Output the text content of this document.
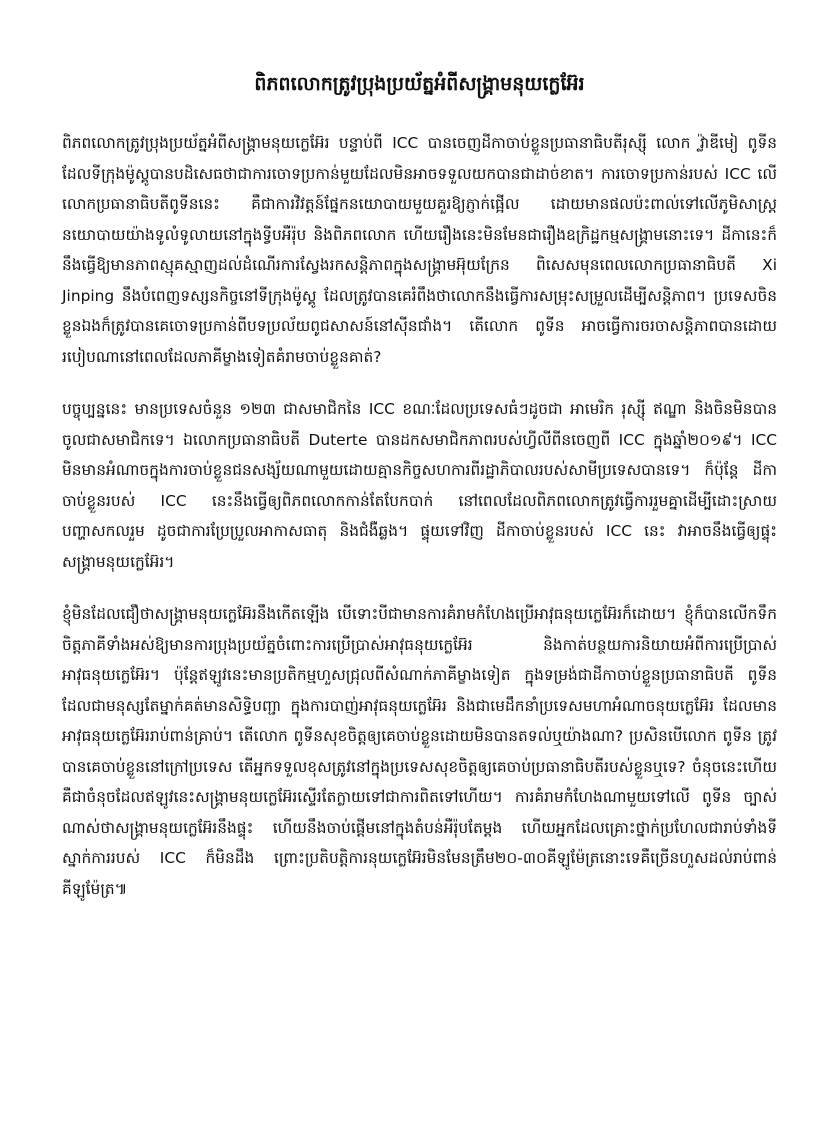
ពិភពលោកត្រូវប្រុងប្រយ័ត្នអំពីសង្គ្រាមនុយក្លេអ៊ែរ

ពិភពលោកត្រូវប្រុងប្រយ័ត្នអំពីសង្គ្រាមនុយក្លេអ៊ែរ បន្ទាប់ពី ICC បានចេញដីកាចាប់ខ្លួនប្រធានាធិបតីរុស្ស៊ី លោក វ្ល៉ាឌីមៀ ពូទីន ដែលទីក្រុងម៉ូស្គូបានបដិសេធថាជាការចោទប្រកាន់មួយដែលមិនអាចទទួលយកបានជាដាច់ខាត។ ការចោទប្រកាន់របស់ ICC លើលោកប្រធានាធិបតីពូទីននេះ គឺជាការវិវត្តន៍ផ្នែកនយោបាយមួយគួរឱ្យភ្ញាក់ផ្អើល ដោយមានផលប៉ះពាល់ទៅលើភូមិសាស្ត្រនយោបាយយ៉ាងទូលំទូលាយនៅក្នុងទ្វីបអឺរ៉ុប និងពិភពលោក ហើយរឿងនេះមិនមែនជារឿងឧក្រិដ្ឋកម្មសង្គ្រាមនោះទេ។ ដីកានេះក៏នឹងធ្វើឱ្យមានភាពស្មុគស្មាញដល់ដំណើរការស្វែងរកសន្តិភាពក្នុងសង្គ្រាមអ៊ុយក្រែន ពិសេសមុនពេលលោកប្រធានាធិបតី Xi Jinping នឹងបំពេញទស្សនកិច្ចនៅទីក្រុងម៉ូស្គូ ដែលត្រូវបានគេរំពឹងថាលោកនឹងធ្វើការសម្រុះសម្រួលដើម្បីសន្តិភាព។ ប្រទេសចិនខ្លួនឯងក៏ត្រូវបានគេចោទប្រកាន់ពីបទប្រល័យពូជសាសន៍នៅស៊ីនជាំង។ តើលោក ពូទីន អាចធ្វើការចរចាសន្តិភាពបានដោយរបៀបណានៅពេលដែលភាគីម្ខាងទៀតគំរាមចាប់ខ្លួនគាត់?

បច្ចុប្បន្ននេះ មានប្រទេសចំនួន ១២៣ ជាសមាជិកនៃ ICC ខណៈដែលប្រទេសធំៗដូចជា អាមេរិក រុស្ស៊ី ឥណ្ឌា និងចិនមិនបានចូលជាសមាជិកទេ។ ឯលោកប្រធានាធិបតី Duterte បានដកសមាជិកភាពរបស់ហ្វីលីពីនចេញពី ICC ក្នុងឆ្នាំ២០១៩។ ICC មិនមានអំណាចក្នុងការចាប់ខ្លួនជនសង្ស័យណាមួយដោយគ្មានកិច្ចសហការពីរដ្ឋាភិបាលរបស់សាមីប្រទេសបានទេ។ ក៏ប៉ុន្តែ ដីកាចាប់ខ្លួនរបស់ ICC នេះនឹងធ្វើឲ្យពិភពលោកកាន់តែបែកបាក់ នៅពេលដែលពិភពលោកត្រូវធ្វើការរួមគ្នាដើម្បីដោះស្រាយបញ្ហាសកលរួម ដូចជាការប្រែប្រួលអាកាសធាតុ និងជំងឺឆ្លង។ ផ្ទុយទៅវិញ ដីកាចាប់ខ្លួនរបស់ ICC នេះ វាអាចនឹងធ្វើឲ្យផ្ទុះសង្គ្រាមនុយក្លេអ៊ែរ។

ខ្ញុំមិនដែលជឿថាសង្គ្រាមនុយក្លេអ៊ែរនឹងកើតឡើង បើទោះបីជាមានការគំរាមកំហែងប្រើអាវុធនុយក្លេអ៊ែរក៏ដោយ។ ខ្ញុំក៏បានលើកទឹកចិត្តភាគីទាំងអស់ឱ្យមានការប្រុងប្រយ័ត្នចំពោះការប្រើប្រាស់អាវុធនុយក្លេអ៊ែរ និងកាត់បន្ថយការនិយាយអំពីការប្រើប្រាស់អាវុធនុយក្លេអ៊ែរ។ ប៉ុន្តែឥឡូវនេះមានប្រតិកម្មហួសជ្រុលពីសំណាក់ភាគីម្ខាងទៀត ក្នុងទម្រង់ជាដីកាចាប់ខ្លួនប្រធានាធិបតី ពូទីន ដែលជាមនុស្សតែម្នាក់គត់មានសិទ្ធិបញ្ជា ក្នុងការបាញ់អាវុធនុយក្លេអ៊ែរ និងជាមេដឹកនាំប្រទេសមហាអំណាចនុយក្លេអ៊ែរ ដែលមានអាវុធនុយក្លេអ៊ែររាប់ពាន់គ្រាប់។ តើលោក ពូទីនសុខចិត្តឲ្យគេចាប់ខ្លួនដោយមិនបានតទល់ឬយ៉ាងណា? ប្រសិនបើលោក ពូទីន ត្រូវបានគេចាប់ខ្លួននៅក្រៅប្រទេស តើអ្នកទទួលខុសត្រូវនៅក្នុងប្រទេសសុខចិត្តឲ្យគេចាប់ប្រធានាធិបតីរបស់ខ្លួនឬទេ? ចំនុចនេះហើយគឺជាចំនុចដែលឥឡូវនេះសង្គ្រាមនុយក្លេអ៊ែរស្ទើរតែក្លាយទៅជាការពិតទៅហើយ។ ការគំរាមកំហែងណាមួយទៅលើ ពូទីន ច្បាស់ណាស់ថាសង្គ្រាមនុយក្លេអ៊ែរនឹងផ្ទុះ ហើយនឹងចាប់ផ្តើមនៅក្នុងតំបន់អឺរ៉ុបតែម្តង ហើយអ្នកដែលគ្រោះថ្នាក់ប្រហែលជារាប់ទាំងទីស្នាក់ការរបស់ ICC ក៏មិនដឹង ព្រោះប្រតិបត្តិការនុយក្លេអ៊ែរមិនមែនត្រឹម២០-៣០គីឡូម៉ែត្រនោះទេគឺច្រើនហួសដល់រាប់ពាន់គីឡូម៉ែត្រ៕
